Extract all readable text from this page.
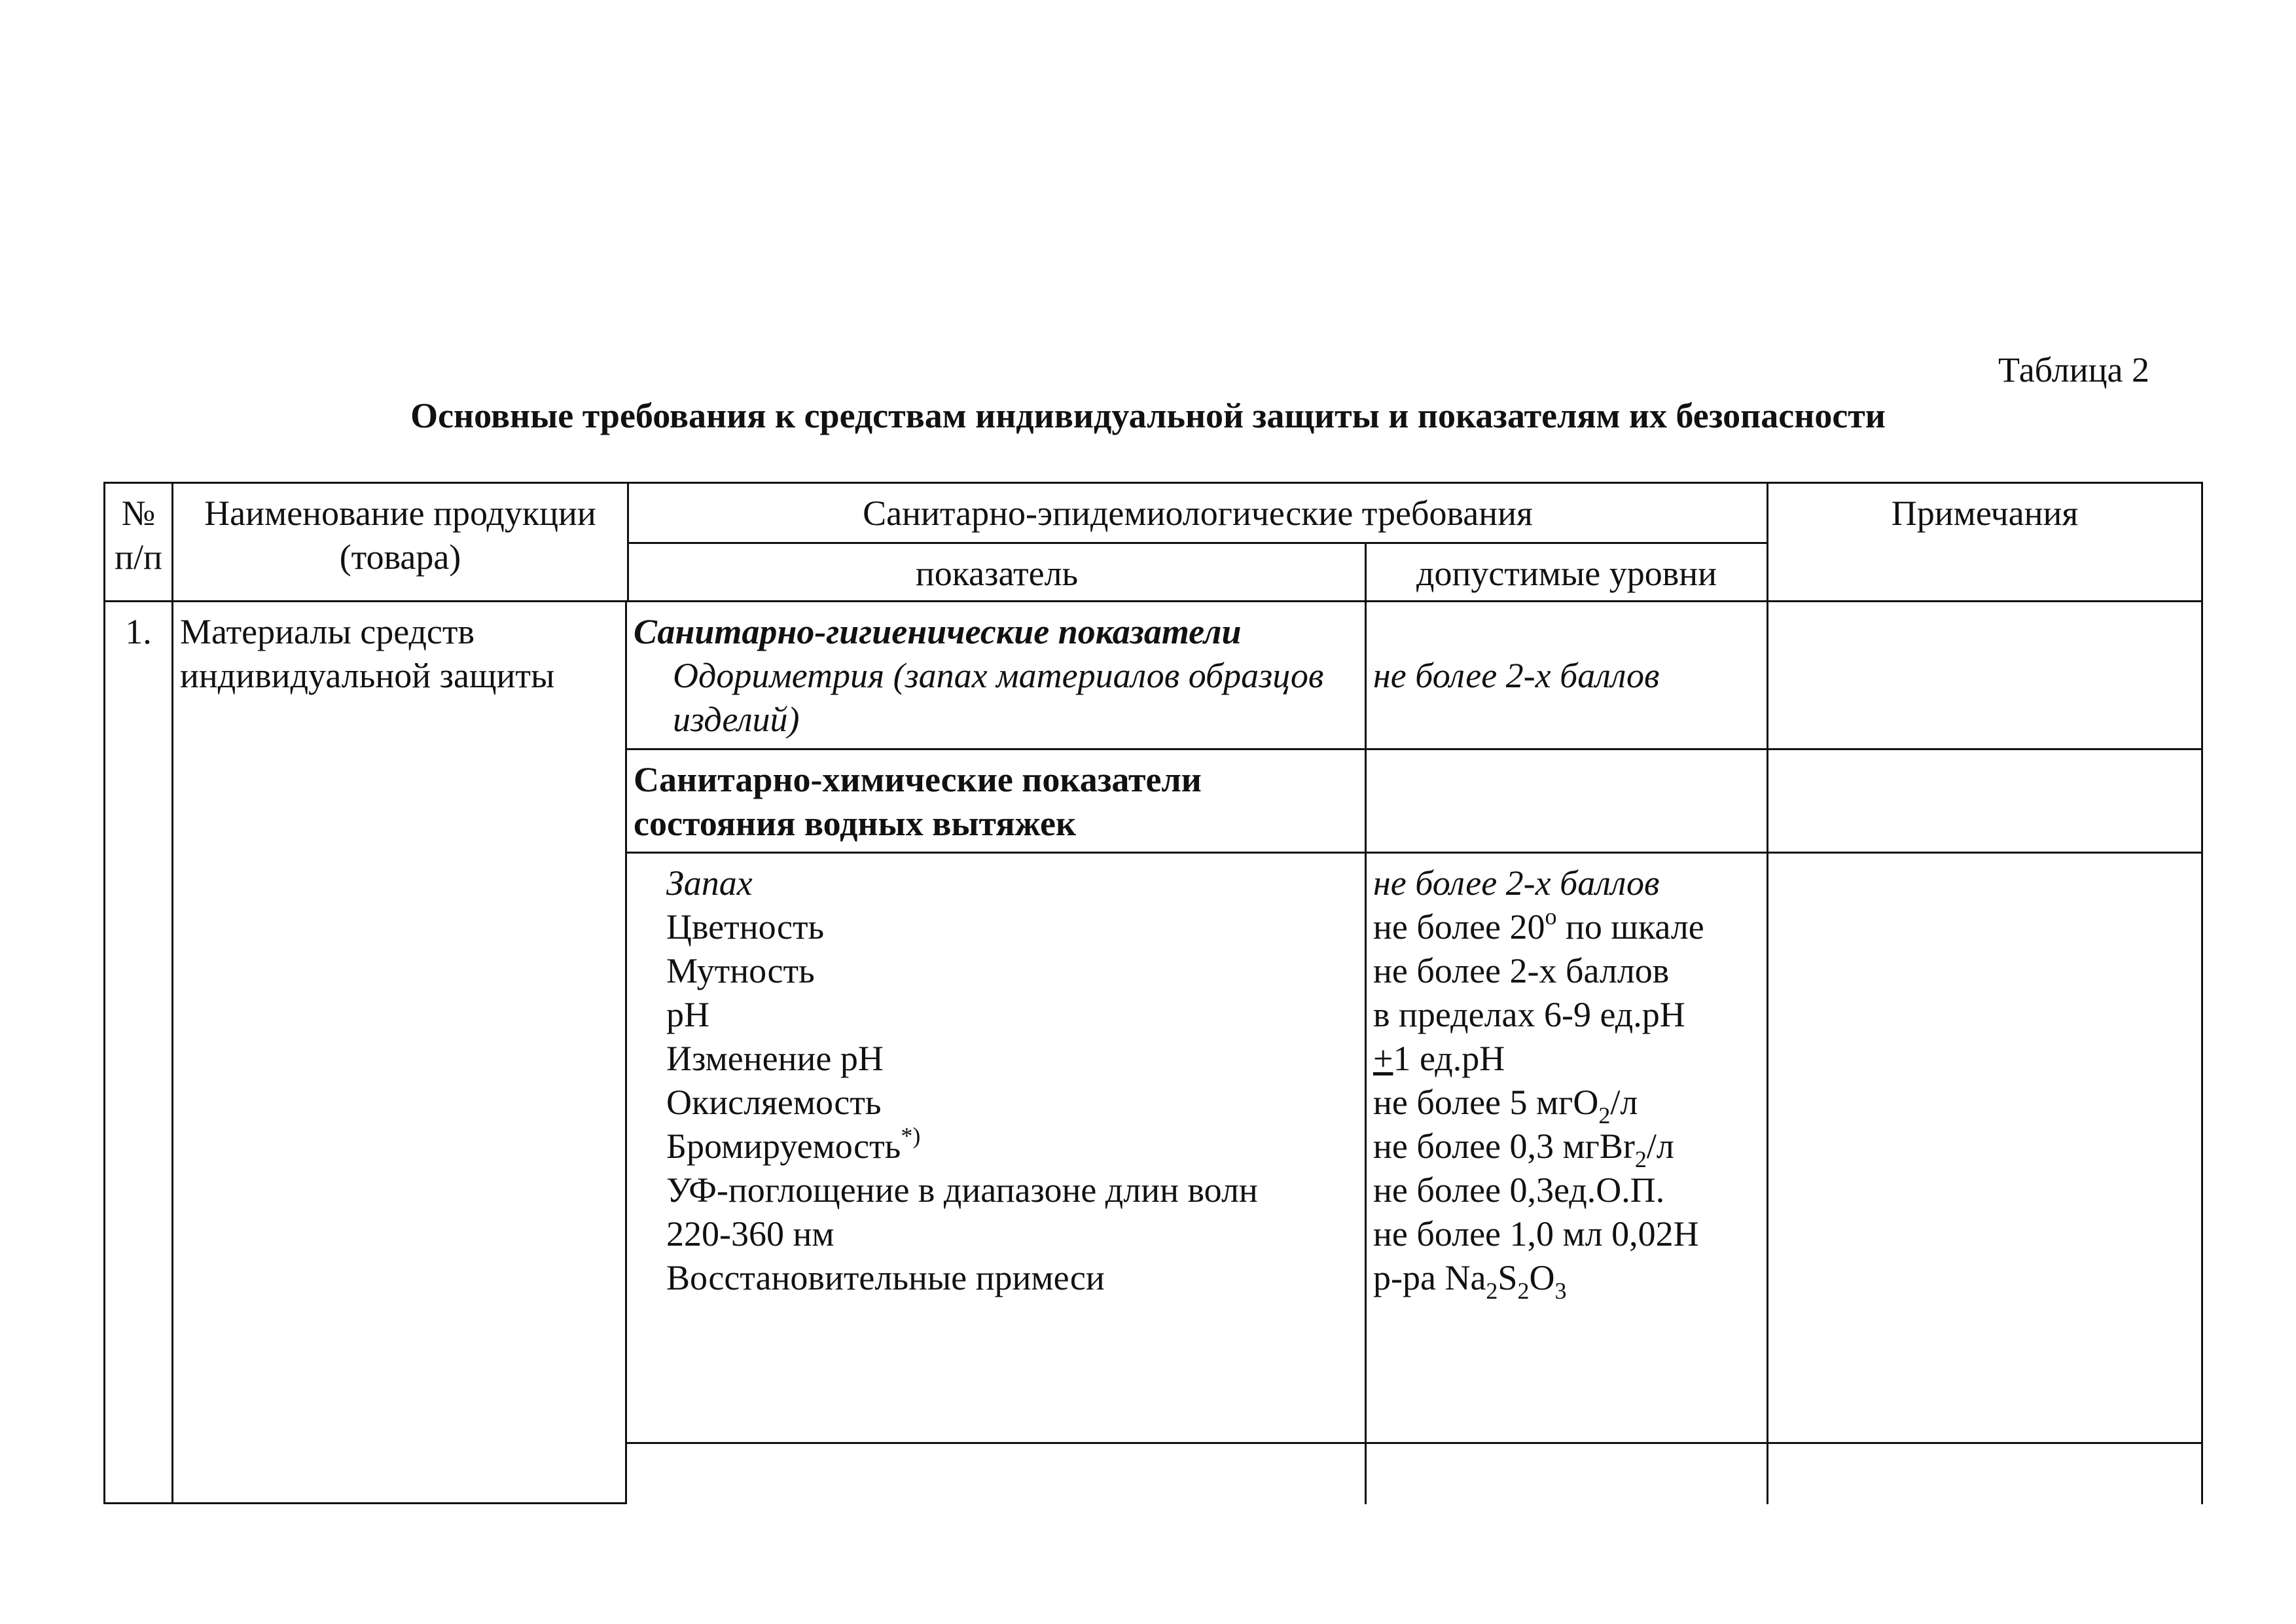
Таблица 2
Основные требования к средствам индивидуальной защиты и показателям их безопасности
№ п/п
Наименование продукции (товара)
Санитарно-эпидемиологические требования	Примечания
показатель	допустимые уровни
1. Материалы средств индивидуальной защиты
Санитарно-гигиенические показатели
Одориметрия (запах материалов образцов изделий)
не более 2-х баллов
Санитарно-химические показатели состояния водных вытяжек
Запах
Цветность
Мутность
pH
Изменение pH
Окисляемость
Бромируемость*)
УФ-поглощение в диапазоне длин волн
220-360 нм
Восстановительные примеси
не более 2-х баллов
не более $20^о$ по шкале
не более 2-х баллов
в пределах 6-9 ед.pH
+1 ед.pH
не более 5 мгО$_2$/л
не более 0,3 мгBr$_2$/л
не более 0,3ед.О.П.
не более 1,0 мл 0,02Н
р-ра $Na_2S_2O_3$
